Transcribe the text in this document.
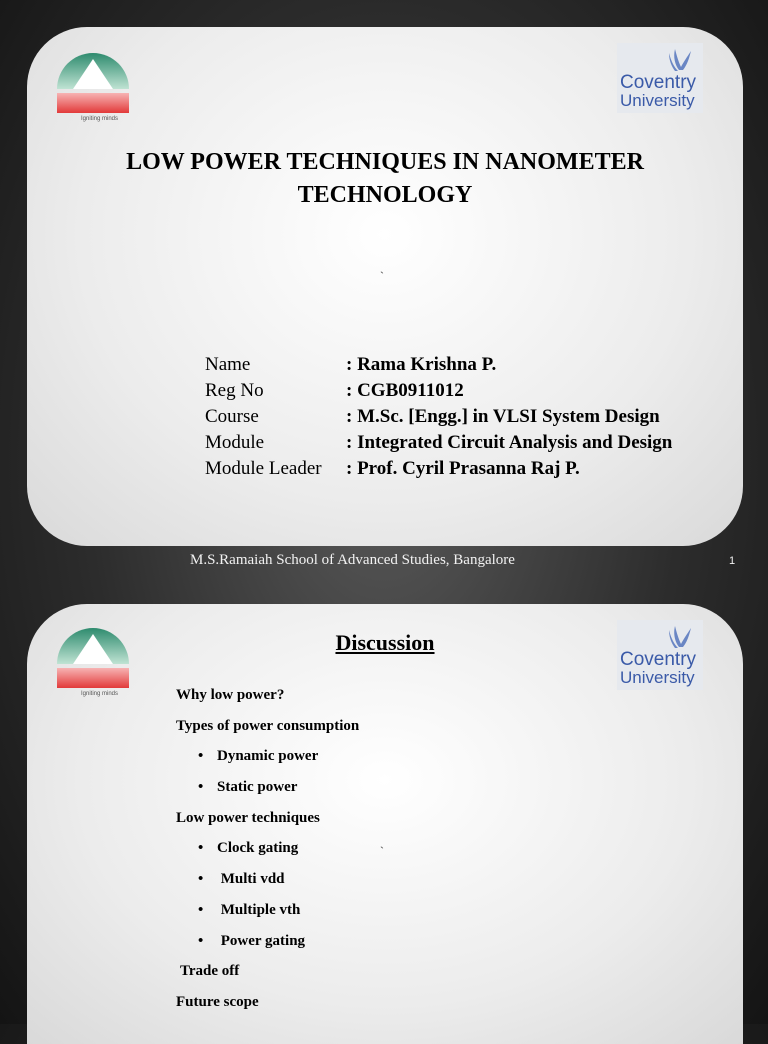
Igniting minds
Coventry
University
LOW POWER TECHNIQUES IN NANOMETER
TECHNOLOGY
`
Name	: Rama Krishna P.
Reg No	: CGB0911012
Course	: M.Sc. [Engg.] in VLSI System Design
Module	: Integrated Circuit Analysis and Design
Module Leader	: Prof. Cyril Prasanna Raj P.
M.S.Ramaiah School of Advanced Studies, Bangalore	1
Igniting minds
Coventry
University
Discussion
`
Why low power?
Types of power consumption
• Dynamic power
• Static power
Low power techniques
• Clock gating
• Multi vdd
• Multiple vth
• Power gating
Trade off
Future scope
